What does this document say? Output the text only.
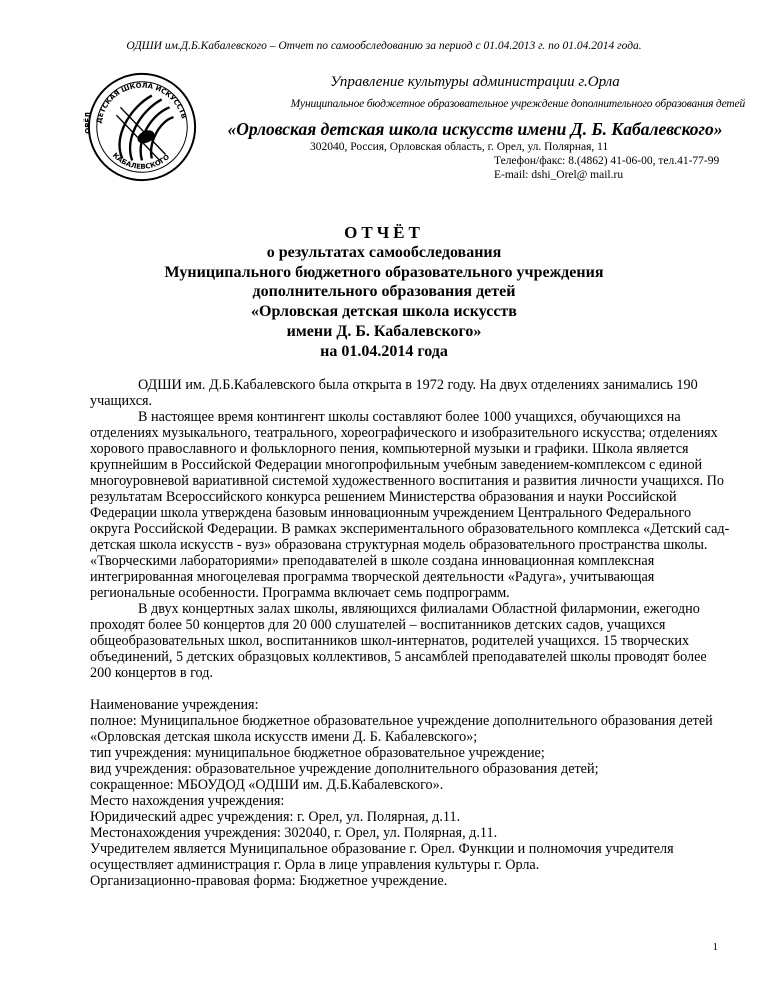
ОДШИ им.Д.Б.Кабалевского – Отчет по самообследованию за период с 01.04.2013 г. по 01.04.2014 года.
ДЕТСКАЯ ШКОЛА ИСКУССТВ
КАБАЛЕВСКОГО
ОРЁЛ

Управление культуры администрации г.Орла

Муниципальное бюджетное образовательное учреждение дополнительного образования детей

«Орловская детская школа искусств имени Д. Б. Кабалевского»

302040, Россия, Орловская область, г. Орел, ул. Полярная, 11

Телефон/факс: 8.(4862) 41-06-00, тел.41-77-99

E-mail: dshi_Orel@ mail.ru

ОТЧЁТ
о результатах самообследования
Муниципального бюджетного образовательного учреждения
дополнительного образования детей
«Орловская детская школа искусств
имени Д. Б. Кабалевского»
на 01.04.2014 года

ОДШИ им. Д.Б.Кабалевского была открыта в 1972 году. На двух отделениях занимались 190 учащихся.

В настоящее время контингент школы составляют более 1000 учащихся, обучающихся на отделениях музыкального, театрального, хореографического и изобразительного искусства; отделениях хорового православного и фольклорного пения, компьютерной музыки и графики. Школа является крупнейшим в Российской Федерации многопрофильным учебным заведением-комплексом с единой многоуровневой вариативной системой художественного воспитания и развития личности учащихся. По результатам Всероссийского конкурса решением Министерства образования и науки Российской Федерации школа утверждена базовым инновационным учреждением Центрального Федерального округа Российской Федерации. В рамках экспериментального образовательного комплекса «Детский сад-детская школа искусств - вуз» образована структурная модель образовательного пространства школы. «Творческими лабораториями» преподавателей в школе создана инновационная комплексная интегрированная многоцелевая программа творческой деятельности «Радуга», учитывающая региональные особенности. Программа включает семь подпрограмм.

В двух концертных залах школы, являющихся филиалами Областной филармонии, ежегодно проходят более 50 концертов для 20 000 слушателей – воспитанников детских садов, учащихся общеобразовательных школ, воспитанников школ-интернатов, родителей учащихся. 15 творческих объединений, 5 детских образцовых коллективов, 5 ансамблей преподавателей школы проводят более 200 концертов в год.

Наименование учреждения:

полное: Муниципальное бюджетное образовательное учреждение дополнительного образования детей «Орловская детская школа искусств имени Д. Б. Кабалевского»;

тип учреждения: муниципальное бюджетное образовательное учреждение;

вид учреждения: образовательное учреждение дополнительного образования детей;

сокращенное: МБОУДОД «ОДШИ им. Д.Б.Кабалевского».

Место нахождения учреждения:

Юридический адрес учреждения: г. Орел, ул. Полярная, д.11.

Местонахождения учреждения: 302040, г. Орел, ул. Полярная, д.11.

Учредителем является Муниципальное образование г. Орел. Функции и полномочия учредителя осуществляет администрация г. Орла в лице управления культуры г. Орла.

Организационно-правовая форма: Бюджетное учреждение.

1
